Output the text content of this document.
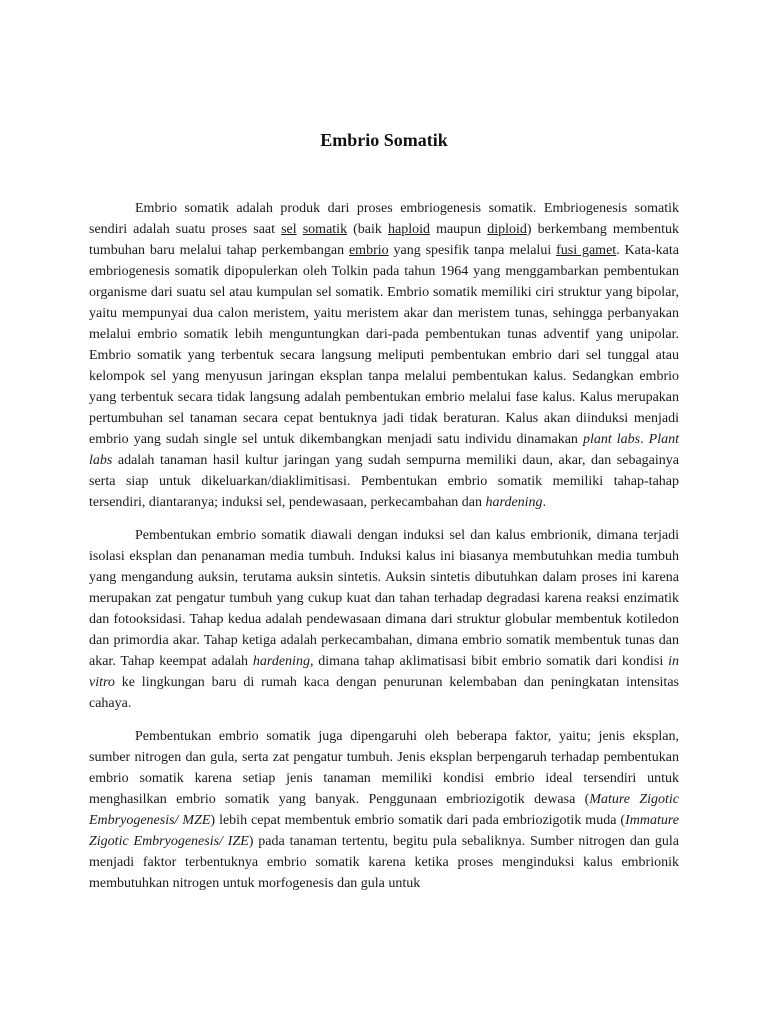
Embrio Somatik

Embrio somatik adalah produk dari proses embriogenesis somatik. Embriogenesis somatik sendiri adalah suatu proses saat sel somatik (baik haploid maupun diploid) berkembang membentuk tumbuhan baru melalui tahap perkembangan embrio yang spesifik tanpa melalui fusi gamet. Kata-kata embriogenesis somatik dipopulerkan oleh Tolkin pada tahun 1964 yang menggambarkan pembentukan organisme dari suatu sel atau kumpulan sel somatik. Embrio somatik memiliki ciri struktur yang bipolar, yaitu mempunyai dua calon meristem, yaitu meristem akar dan meristem tunas, sehingga perbanyakan melalui embrio somatik lebih menguntungkan dari-pada pembentukan tunas adventif yang unipolar. Embrio somatik yang terbentuk secara langsung meliputi pembentukan embrio dari sel tunggal atau kelompok sel yang menyusun jaringan eksplan tanpa melalui pembentukan kalus. Sedangkan embrio yang terbentuk secara tidak langsung adalah pembentukan embrio melalui fase kalus. Kalus merupakan pertumbuhan sel tanaman secara cepat bentuknya jadi tidak beraturan. Kalus akan diinduksi menjadi embrio yang sudah single sel untuk dikembangkan menjadi satu individu dinamakan plant labs. Plant labs adalah tanaman hasil kultur jaringan yang sudah sempurna memiliki daun, akar, dan sebagainya serta siap untuk dikeluarkan/diaklimitisasi. Pembentukan embrio somatik memiliki tahap-tahap tersendiri, diantaranya; induksi sel, pendewasaan, perkecambahan dan hardening.

Pembentukan embrio somatik diawali dengan induksi sel dan kalus embrionik, dimana terjadi isolasi eksplan dan penanaman media tumbuh. Induksi kalus ini biasanya membutuhkan media tumbuh yang mengandung auksin, terutama auksin sintetis. Auksin sintetis dibutuhkan dalam proses ini karena merupakan zat pengatur tumbuh yang cukup kuat dan tahan terhadap degradasi karena reaksi enzimatik dan fotooksidasi. Tahap kedua adalah pendewasaan dimana dari struktur globular membentuk kotiledon dan primordia akar. Tahap ketiga adalah perkecambahan, dimana embrio somatik membentuk tunas dan akar. Tahap keempat adalah hardening, dimana tahap aklimatisasi bibit embrio somatik dari kondisi in vitro ke lingkungan baru di rumah kaca dengan penurunan kelembaban dan peningkatan intensitas cahaya.

Pembentukan embrio somatik juga dipengaruhi oleh beberapa faktor, yaitu; jenis eksplan, sumber nitrogen dan gula, serta zat pengatur tumbuh. Jenis eksplan berpengaruh terhadap pembentukan embrio somatik karena setiap jenis tanaman memiliki kondisi embrio ideal tersendiri untuk menghasilkan embrio somatik yang banyak. Penggunaan embriozigotik dewasa (Mature Zigotic Embryogenesis/ MZE) lebih cepat membentuk embrio somatik dari pada embriozigotik muda (Immature Zigotic Embryogenesis/ IZE) pada tanaman tertentu, begitu pula sebaliknya. Sumber nitrogen dan gula menjadi faktor terbentuknya embrio somatik karena ketika proses menginduksi kalus embrionik membutuhkan nitrogen untuk morfogenesis dan gula untuk
